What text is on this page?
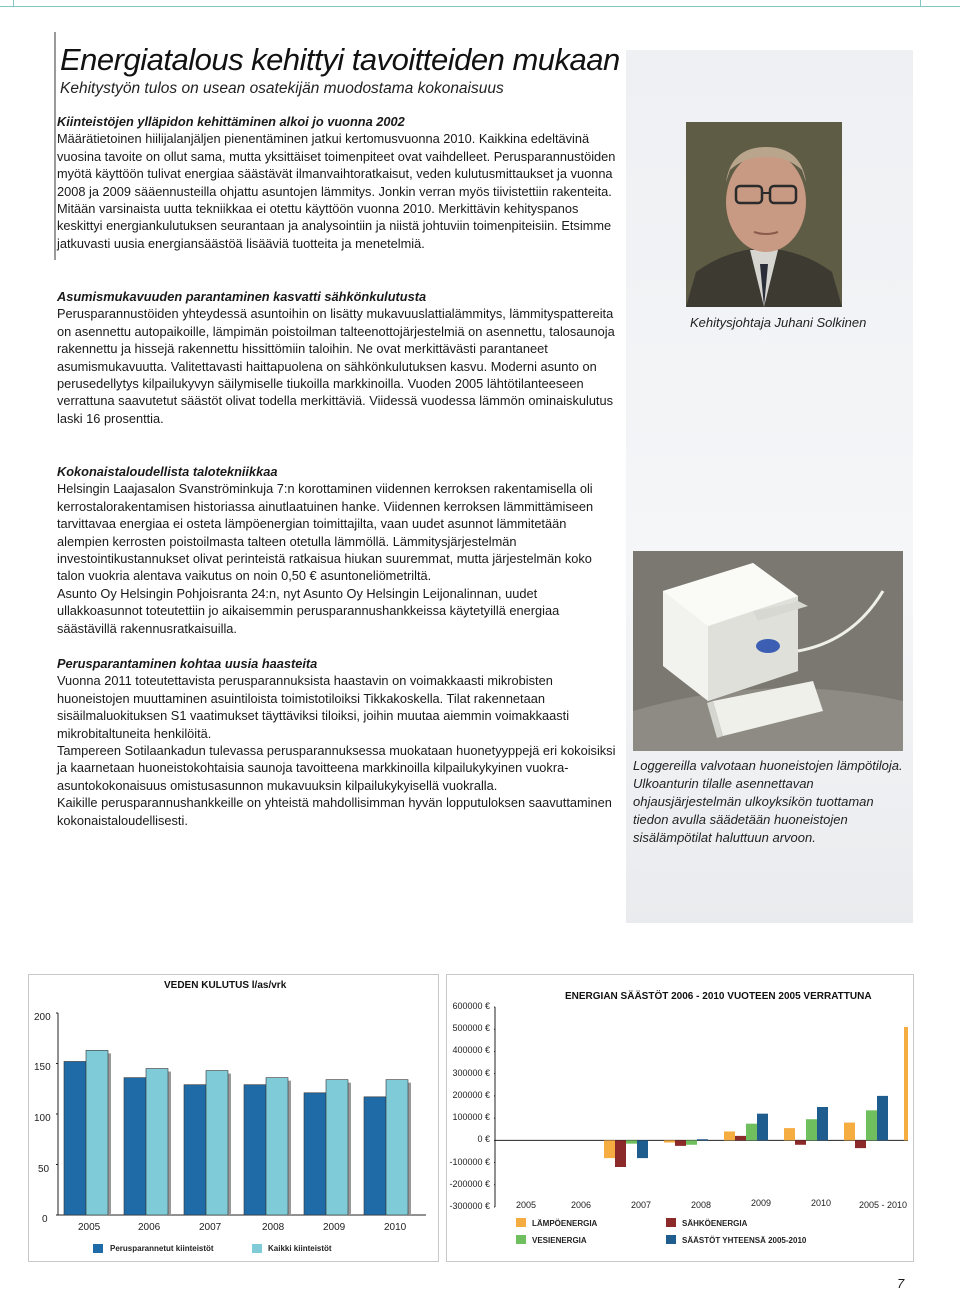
Energiatalous kehittyi tavoitteiden mukaan

Kehitystyön tulos on usean osatekijän muodostama kokonaisuus

Kiinteistöjen ylläpidon kehittäminen alkoi jo vuonna 2002

Määrätietoinen hiilijalanjäljen pienentäminen jatkui kertomusvuonna 2010. Kaikkina edeltävinä vuosina tavoite on ollut sama, mutta yksittäiset toimenpiteet ovat vaihdelleet. Perusparannustöiden myötä käyttöön tulivat energiaa säästävät ilmanvaihtoratkaisut, veden kulutusmittaukset ja vuonna 2008 ja 2009 sääennusteilla ohjattu asuntojen lämmitys. Jonkin verran myös tiivistettiin rakenteita. Mitään varsinaista uutta tekniikkaa ei otettu käyttöön vuonna 2010. Merkittävin kehityspanos keskittyi energiankulutuksen seurantaan ja analysointiin ja niistä johtuviin toimenpiteisiin. Etsimme jatkuvasti uusia energiansäästöä lisääviä tuotteita ja menetelmiä.

Asumismukavuuden parantaminen kasvatti sähkönkulutusta

Perusparannustöiden yhteydessä asuntoihin on lisätty mukavuuslattialämmitys, lämmityspattereita on asennettu autopaikoille, lämpimän poistoilman talteenottojärjestelmiä on asennettu, talosaunoja rakennettu ja hissejä rakennettu hissittömiin taloihin. Ne ovat merkittävästi parantaneet asumismukavuutta. Valitettavasti haittapuolena on sähkönkulutuksen kasvu. Moderni asunto on perusedellytys kilpailukyvyn säilymiselle tiukoilla markkinoilla. Vuoden 2005 lähtötilanteeseen verrattuna saavutetut säästöt olivat todella merkittäviä. Viidessä vuodessa lämmön ominaiskulutus laski 16 prosenttia.

Kokonaistaloudellista talotekniikkaa

Helsingin Laajasalon Svanströminkuja 7:n korottaminen viidennen kerroksen rakentamisella oli kerrostalorakentamisen historiassa ainutlaatuinen hanke. Viidennen kerroksen lämmittämiseen tarvittavaa energiaa ei osteta lämpöenergian toimittajilta, vaan uudet asunnot lämmitetään alempien kerrosten poistoilmasta talteen otetulla lämmöllä. Lämmitysjärjestelmän investointikustannukset olivat perinteistä ratkaisua hiukan suuremmat, mutta järjestelmän koko talon vuokria alentava vaikutus on noin 0,50 € asuntoneliömetriltä.

Asunto Oy Helsingin Pohjoisranta 24:n, nyt Asunto Oy Helsingin Leijonalinnan, uudet ullakkoasunnot toteutettiin jo aikaisemmin perusparannushankkeissa käytetyillä energiaa säästävillä rakennusratkaisuilla.

Perusparantaminen kohtaa uusia haasteita

Vuonna 2011 toteutettavista perusparannuksista haastavin on voimakkaasti mikrobisten huoneistojen muuttaminen asuintiloista toimistotiloiksi Tikkakoskella. Tilat rakennetaan sisäilmaluokituksen S1 vaatimukset täyttäviksi tiloiksi, joihin muutaa aiemmin voimakkaasti mikrobitaltuneita henkilöitä.

Tampereen Sotilaankadun tulevassa perusparannuksessa muokataan huonetyyppejä eri kokoisiksi ja kaarnetaan huoneistokohtaisia saunoja tavoitteena markkinoilla kilpailukykyinen vuokra-asuntokokonaisuus omistusasunnon mukavuuksin kilpailukykyisellä vuokralla.

Kaikille perusparannushankkeille on yhteistä mahdollisimman hyvän lopputuloksen saavuttaminen kokonaistaloudellisesti.

Kehitysjohtaja Juhani Solkinen
Loggereilla valvotaan huoneistojen lämpötiloja. Ulkoanturin tilalle asennettavan ohjausjärjestelmän ulkoyksikön tuottaman tiedon avulla säädetään huoneistojen sisälämpötilat haluttuun arvoon.
VEDEN KULUTUS l/as/vrk
200
150
100
50
0
2005	2006	2007	2008	2009	2010
Perusparannetut kiinteistöt	Kaikki kiinteistöt
ENERGIAN SÄÄSTÖT 2006 - 2010 VUOTEEN 2005 VERRATTUNA
600000 €
500000 €
400000 €
300000 €
200000 €
100000 €
0 €
-100000 €
-200000 €
-300000 €	2005	2006	2007	2008	2009	2010	2005 - 2010
LÄMPÖENERGIA	SÄHKÖENERGIA
VESIENERGIA	SÄÄSTÖT YHTEENSÄ 2005-2010
7
